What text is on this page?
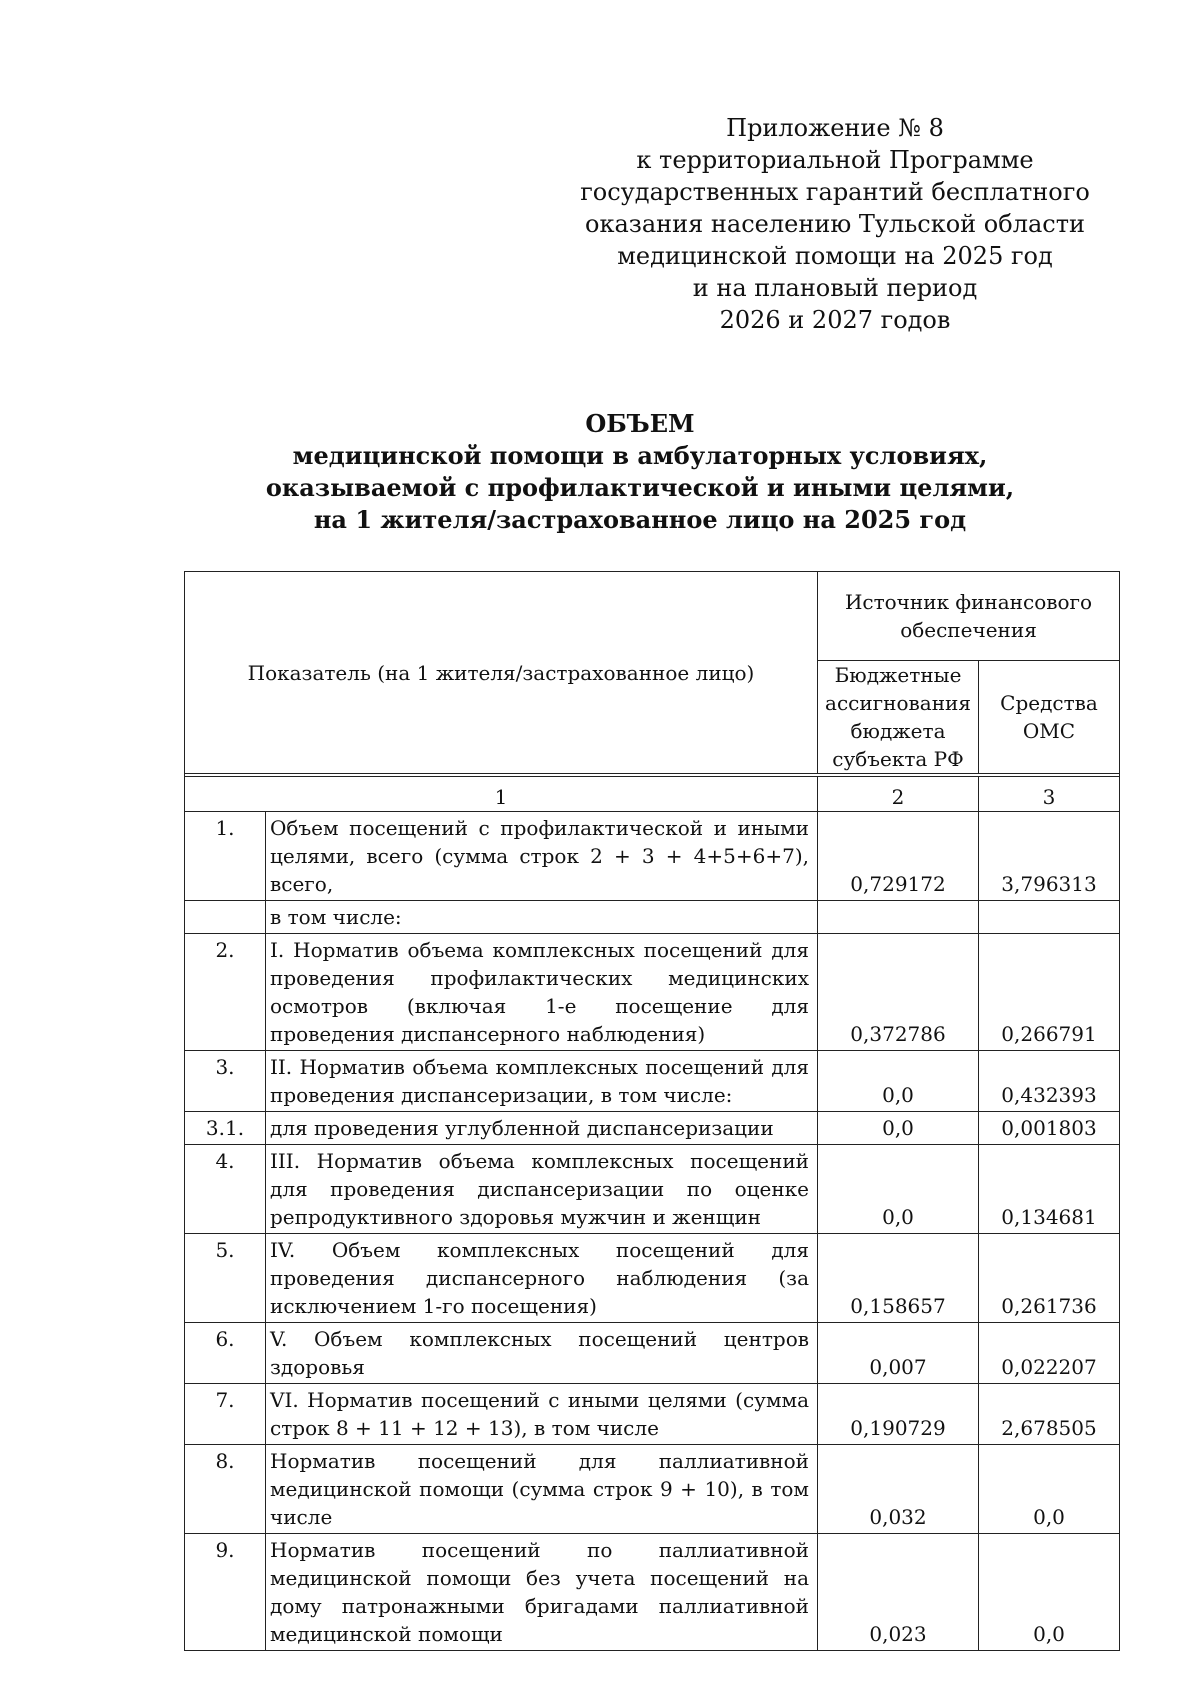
Приложение № 8
к территориальной Программе
государственных гарантий бесплатного
оказания населению Тульской области
медицинской помощи на 2025 год
и на плановый период
2026 и 2027 годов
ОБЪЕМ
медицинской помощи в амбулаторных условиях,
оказываемой с профилактической и иными целями,
на 1 жителя/застрахованное лицо на 2025 год
Показатель (на 1 жителя/застрахованное лицо)		Источник финансового обеспечения	
		Бюджетные ассигнования бюджета субъекта РФ	Средства ОМС

1		2	3
1.	Объем посещений с профилактической и иными целями, всего (сумма строк 2 + 3 + 4+5+6+7), всего,	0,729172	3,796313
	в том числе:		
2.	I. Норматив объема комплексных посещений для проведения профилактических медицинских осмотров (включая 1-е посещение для проведения диспансерного наблюдения)	0,372786	0,266791
3.	II. Норматив объема комплексных посещений для проведения диспансеризации, в том числе:	0,0	0,432393
3.1.	для проведения углубленной диспансеризации	0,0	0,001803
4.	III. Норматив объема комплексных посещений для проведения диспансеризации по оценке репродуктивного здоровья мужчин и женщин	0,0	0,134681
5.	IV. Объем комплексных посещений для проведения диспансерного наблюдения (за исключением 1-го посещения)	0,158657	0,261736
6.	V. Объем комплексных посещений центров здоровья	0,007	0,022207
7.	VI. Норматив посещений с иными целями (сумма строк 8 + 11 + 12 + 13), в том числе	0,190729	2,678505
8.	Норматив посещений для паллиативной медицинской помощи (сумма строк 9 + 10), в том числе	0,032	0,0
9.	Норматив посещений по паллиативной медицинской помощи без учета посещений на дому патронажными бригадами паллиативной медицинской помощи	0,023	0,0
